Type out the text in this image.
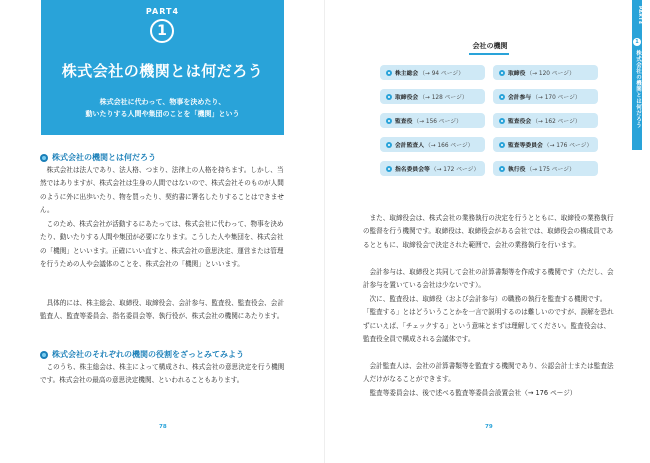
PART4
1
株式会社の機関とは何だろう
株式会社に代わって、物事を決めたり、
動いたりする人間や集団のことを「機関」という
株式会社の機関とは何だろう

　株式会社は法人であり、法人格、つまり、法律上の人格を持ちます。しかし、当然ではありますが、株式会社は生身の人間ではないので、株式会社そのものが人間のように外に出歩いたり、物を買ったり、契約書に署名したりすることはできません。

　このため、株式会社が活動するにあたっては、株式会社に代わって、物事を決めたり、動いたりする人間や集団が必要になります。こうした人や集団を、株式会社の「機関」といいます。正確にいい直すと、株式会社の意思決定、運営または管理を行うための人や会議体のことを、株式会社の「機関」といいます。

　具体的には、株主総会、取締役、取締役会、会計参与、監査役、監査役会、会計監査人、監査等委員会、指名委員会等、執行役が、株式会社の機関にあたります。

株式会社のそれぞれの機関の役割をざっとみてみよう

　このうち、株主総会は、株主によって構成され、株式会社の意思決定を行う機関です。株式会社の最高の意思決定機関、といわれることもあります。

78
会社の機関
株主総会 （→ 94 ページ）	取締役 （→ 120 ページ）
取締役会 （→ 128 ページ）	会計参与 （→ 170 ページ）
監査役 （→ 156 ページ）	監査役会 （→ 162 ページ）
会計監査人 （→ 166 ページ）	監査等委員会 （→ 176 ページ）
指名委員会等 （→ 172 ページ）	執行役 （→ 175 ページ）

　また、取締役会は、株式会社の業務執行の決定を行うとともに、取締役の業務執行の監督を行う機関です。取締役は、取締役会がある会社では、取締役会の構成員であるとともに、取締役会で決定された範囲で、会社の業務執行を行います。

　会計参与は、取締役と共同して会社の計算書類等を作成する機関です（ただし、会計参与を置いている会社は少ないです）。

　次に、監査役は、取締役（および会計参与）の職務の執行を監査する機関です。「監査する」とはどういうことかを一言で説明するのは難しいのですが、誤解を恐れずにいえば、「チェックする」という意味とまずは理解してください。監査役会は、監査役全員で構成される会議体です。

　会計監査人は、会社の計算書類等を監査する機関であり、公認会計士または監査法人だけがなることができます。

　監査等委員会は、後で述べる監査等委員会設置会社（→ 176 ページ）

79
PART4
1
株式会社の機関とは何だろう
